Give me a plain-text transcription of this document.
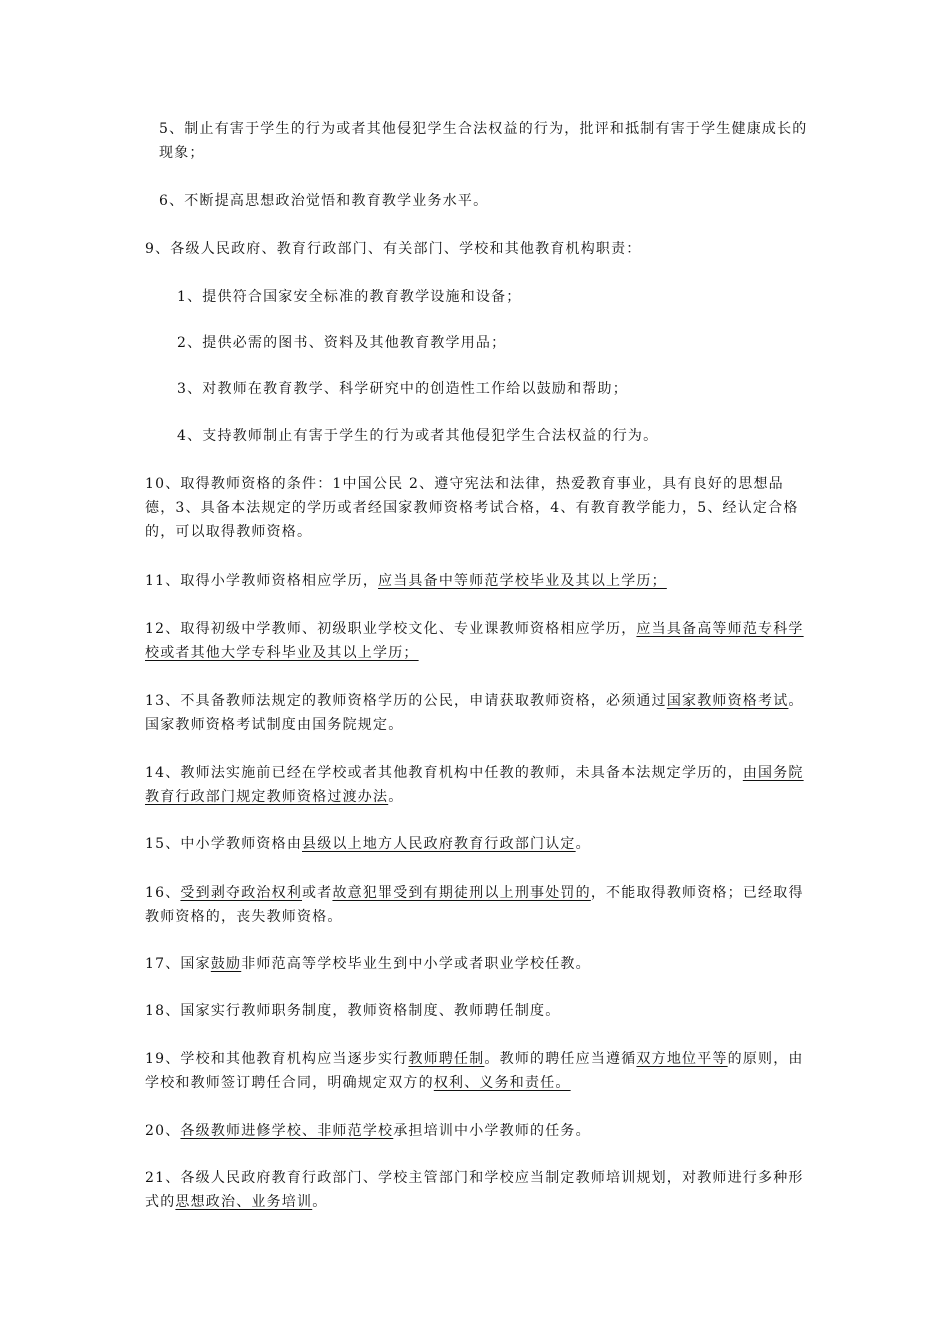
5、制止有害于学生的行为或者其他侵犯学生合法权益的行为，批评和抵制有害于学生健康成长的现象；

6、不断提高思想政治觉悟和教育教学业务水平。

9、各级人民政府、教育行政部门、有关部门、学校和其他教育机构职责：

1、提供符合国家安全标准的教育教学设施和设备；

2、提供必需的图书、资料及其他教育教学用品；

3、对教师在教育教学、科学研究中的创造性工作给以鼓励和帮助；

4、支持教师制止有害于学生的行为或者其他侵犯学生合法权益的行为。

10、取得教师资格的条件：1中国公民 2、遵守宪法和法律，热爱教育事业，具有良好的思想品德，3、具备本法规定的学历或者经国家教师资格考试合格，4、有教育教学能力，5、经认定合格的，可以取得教师资格。

11、取得小学教师资格相应学历，应当具备中等师范学校毕业及其以上学历；

12、取得初级中学教师、初级职业学校文化、专业课教师资格相应学历，应当具备高等师范专科学校或者其他大学专科毕业及其以上学历；

13、不具备教师法规定的教师资格学历的公民，申请获取教师资格，必须通过国家教师资格考试。国家教师资格考试制度由国务院规定。

14、教师法实施前已经在学校或者其他教育机构中任教的教师，未具备本法规定学历的，由国务院教育行政部门规定教师资格过渡办法。

15、中小学教师资格由县级以上地方人民政府教育行政部门认定。

16、受到剥夺政治权利或者故意犯罪受到有期徒刑以上刑事处罚的，不能取得教师资格；已经取得教师资格的，丧失教师资格。

17、国家鼓励非师范高等学校毕业生到中小学或者职业学校任教。

18、国家实行教师职务制度，教师资格制度、教师聘任制度。

19、学校和其他教育机构应当逐步实行教师聘任制。教师的聘任应当遵循双方地位平等的原则，由学校和教师签订聘任合同，明确规定双方的权利、义务和责任。

20、各级教师进修学校、非师范学校承担培训中小学教师的任务。

21、各级人民政府教育行政部门、学校主管部门和学校应当制定教师培训规划，对教师进行多种形式的思想政治、业务培训。
